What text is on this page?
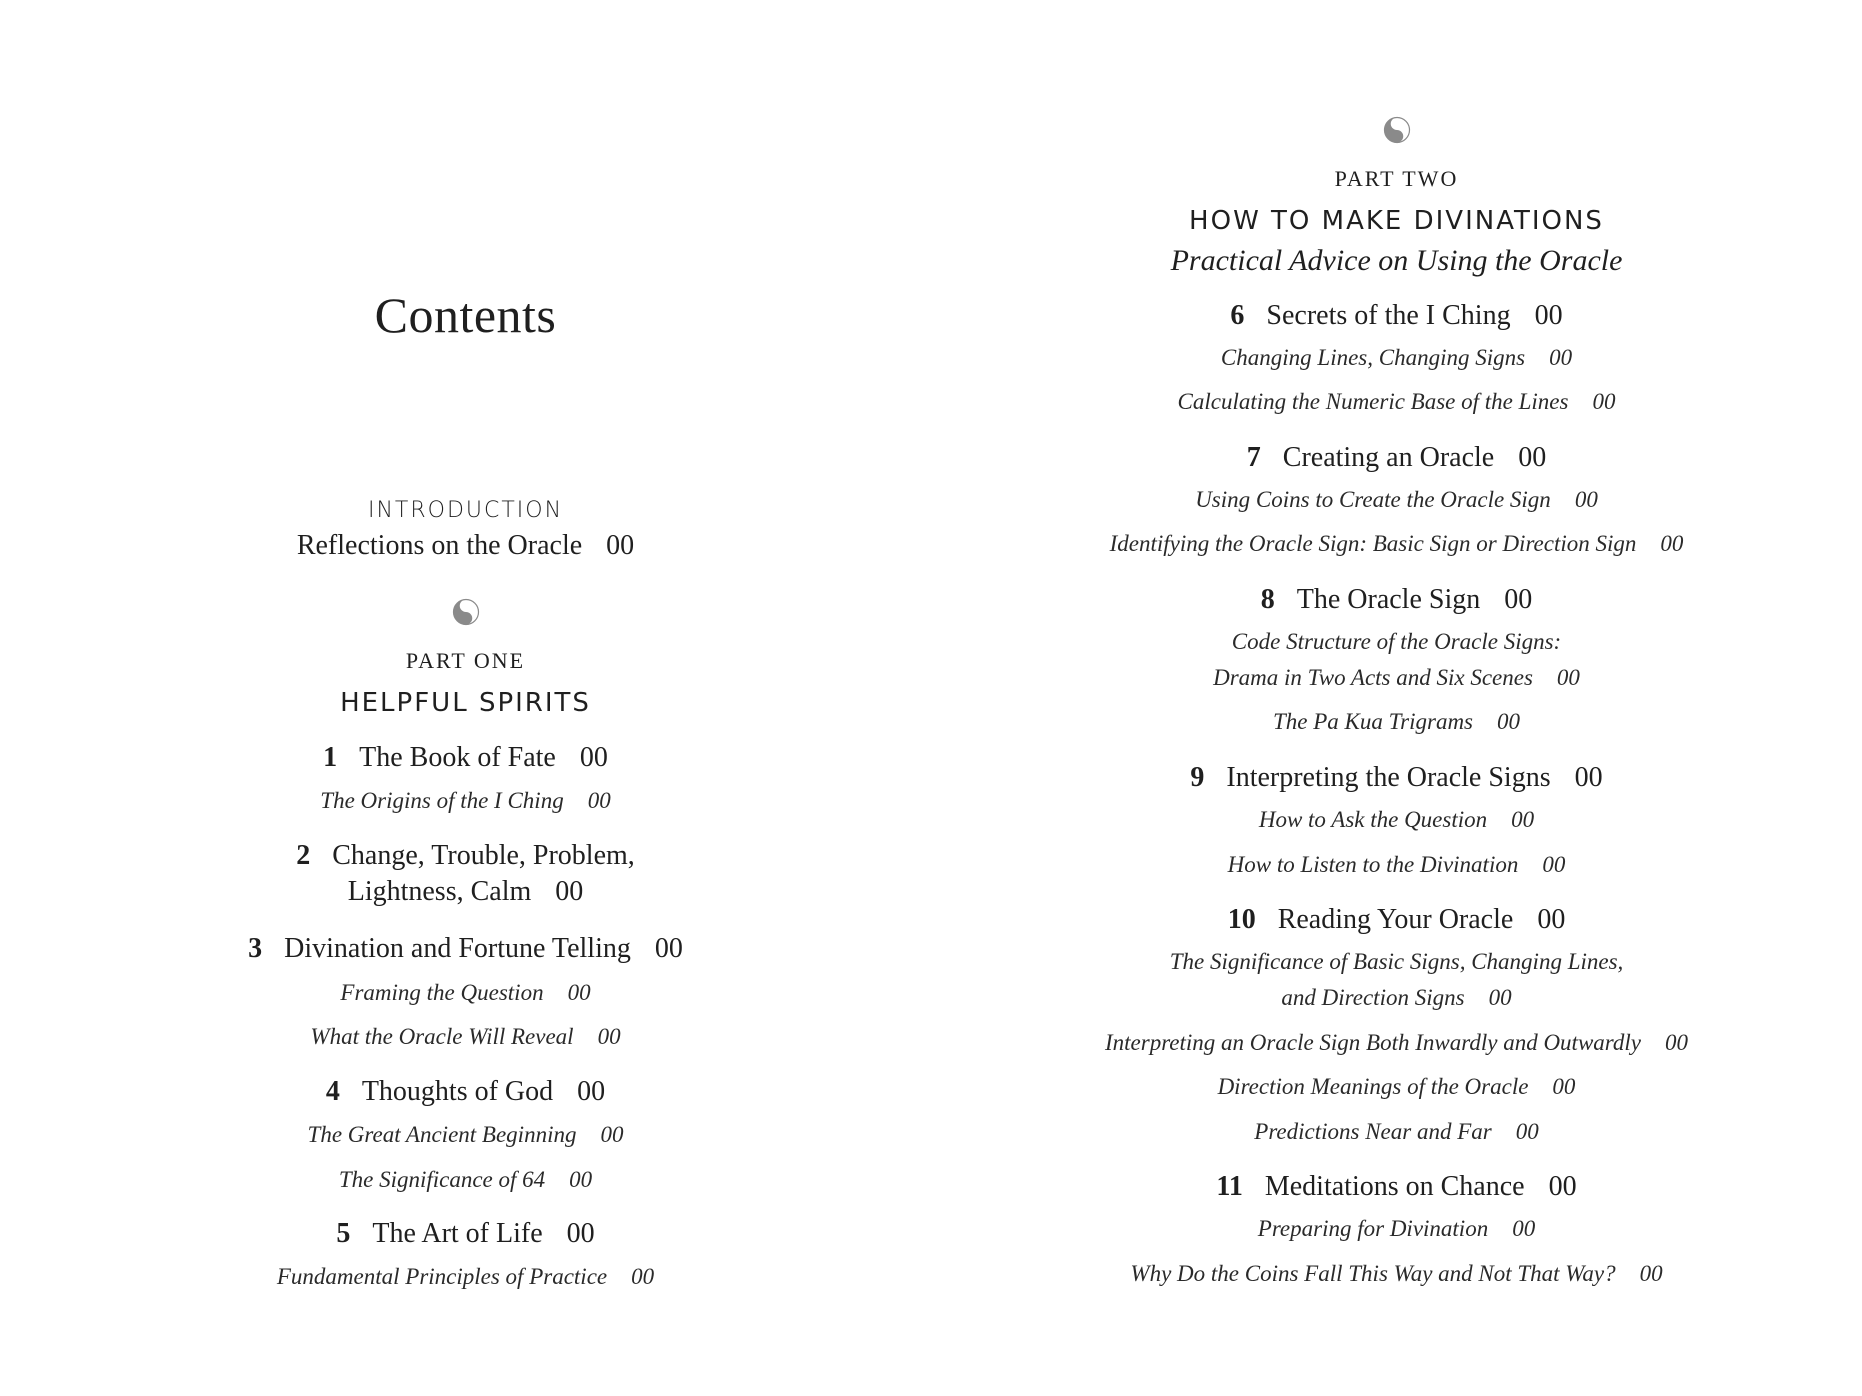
Contents
INTRODUCTION
Reflections on the Oracle 00
PART ONE
HELPFUL SPIRITS
1 The Book of Fate 00
The Origins of the I Ching 00
2 Change, Trouble, Problem,
Lightness, Calm 00
3 Divination and Fortune Telling 00
Framing the Question 00
What the Oracle Will Reveal 00
4 Thoughts of God 00
The Great Ancient Beginning 00
The Significance of 64 00
5 The Art of Life 00
Fundamental Principles of Practice 00
PART TWO
HOW TO MAKE DIVINATIONS
Practical Advice on Using the Oracle
6 Secrets of the I Ching 00
Changing Lines, Changing Signs 00
Calculating the Numeric Base of the Lines 00
7 Creating an Oracle 00
Using Coins to Create the Oracle Sign 00
Identifying the Oracle Sign: Basic Sign or Direction Sign 00
8 The Oracle Sign 00
Code Structure of the Oracle Signs:
Drama in Two Acts and Six Scenes 00
The Pa Kua Trigrams 00
9 Interpreting the Oracle Signs 00
How to Ask the Question 00
How to Listen to the Divination 00
10 Reading Your Oracle 00
The Significance of Basic Signs, Changing Lines,
and Direction Signs 00
Interpreting an Oracle Sign Both Inwardly and Outwardly 00
Direction Meanings of the Oracle 00
Predictions Near and Far 00
11 Meditations on Chance 00
Preparing for Divination 00
Why Do the Coins Fall This Way and Not That Way? 00
